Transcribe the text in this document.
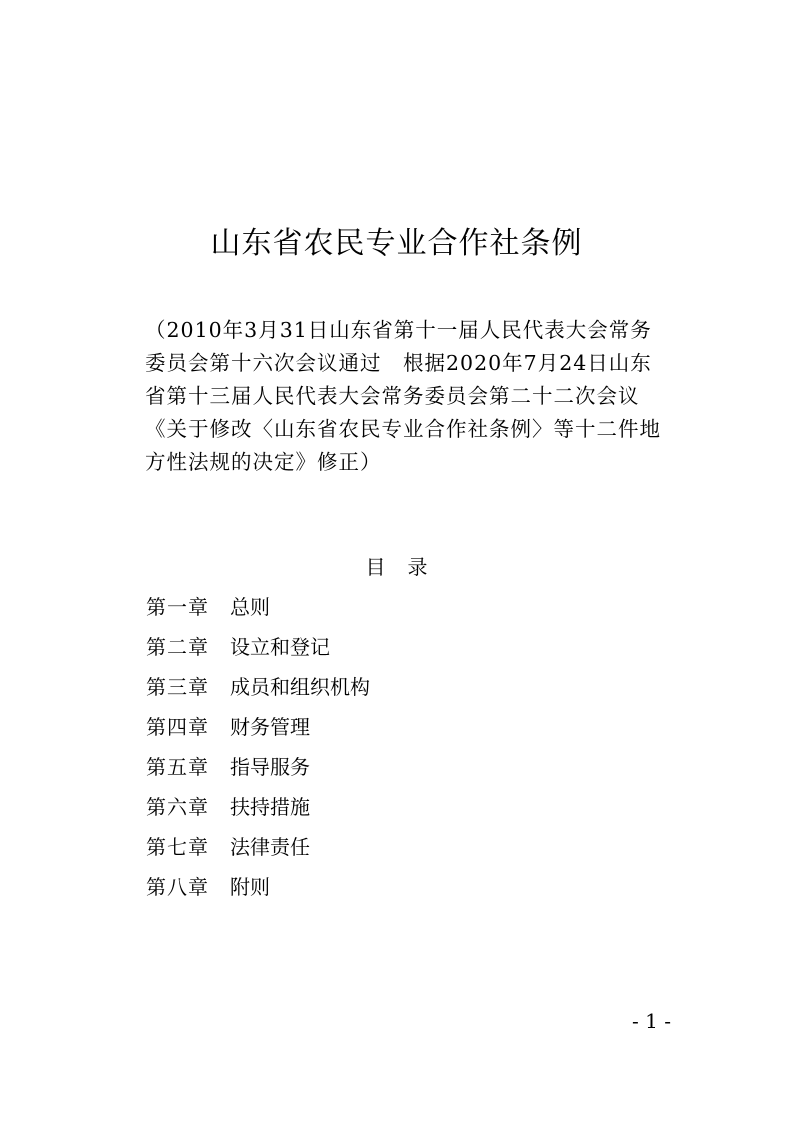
山东省农民专业合作社条例
（2010年3月31日山东省第十一届人民代表大会常务
委员会第十六次会议通过　根据2020年7月24日山东
省第十三届人民代表大会常务委员会第二十二次会议
《关于修改〈山东省农民专业合作社条例〉等十二件地
方性法规的决定》修正）
目 录
第一章 总则
第二章 设立和登记
第三章 成员和组织机构
第四章 财务管理
第五章 指导服务
第六章 扶持措施
第七章 法律责任
第八章 附则
- 1 -
